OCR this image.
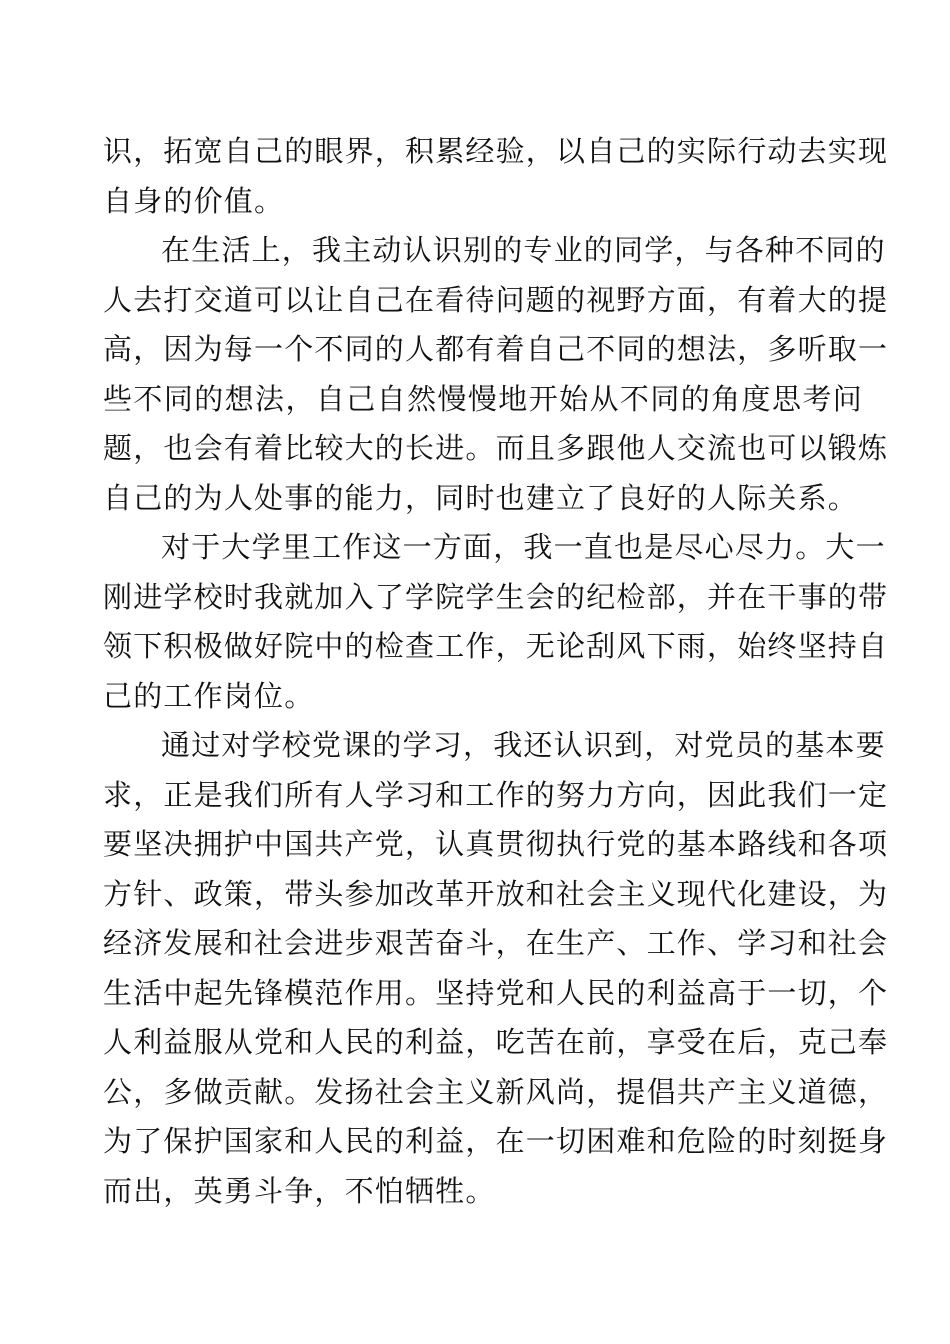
识，拓宽自己的眼界，积累经验，以自己的实际行动去实现
自身的价值。
在生活上，我主动认识别的专业的同学，与各种不同的
人去打交道可以让自己在看待问题的视野方面，有着大的提
高，因为每一个不同的人都有着自己不同的想法，多听取一
些不同的想法，自己自然慢慢地开始从不同的角度思考问
题，也会有着比较大的长进。而且多跟他人交流也可以锻炼
自己的为人处事的能力，同时也建立了良好的人际关系。
对于大学里工作这一方面，我一直也是尽心尽力。大一
刚进学校时我就加入了学院学生会的纪检部，并在干事的带
领下积极做好院中的检查工作，无论刮风下雨，始终坚持自
己的工作岗位。
通过对学校党课的学习，我还认识到，对党员的基本要
求，正是我们所有人学习和工作的努力方向，因此我们一定
要坚决拥护中国共产党，认真贯彻执行党的基本路线和各项
方针、政策，带头参加改革开放和社会主义现代化建设，为
经济发展和社会进步艰苦奋斗，在生产、工作、学习和社会
生活中起先锋模范作用。坚持党和人民的利益高于一切，个
人利益服从党和人民的利益，吃苦在前，享受在后，克己奉
公，多做贡献。发扬社会主义新风尚，提倡共产主义道德，
为了保护国家和人民的利益，在一切困难和危险的时刻挺身
而出，英勇斗争，不怕牺牲。
